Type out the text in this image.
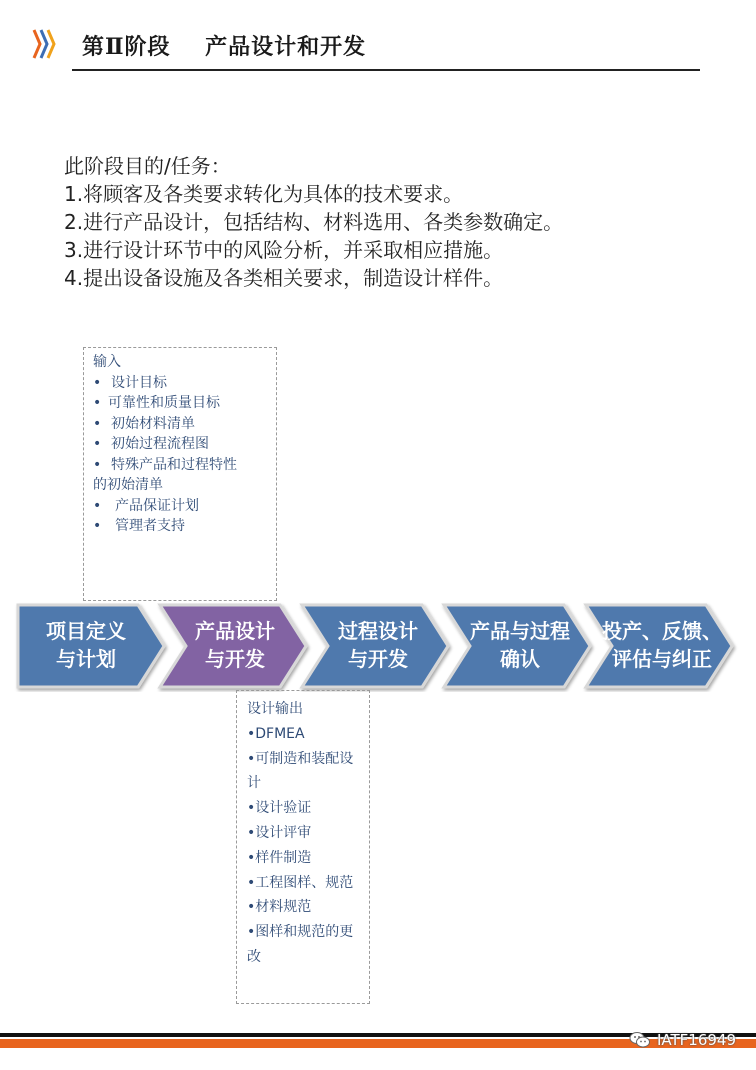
第Ⅱ阶段    产品设计和开发
此阶段目的/任务：
1.将顾客及各类要求转化为具体的技术要求。
2.进行产品设计，包括结构、材料选用、各类参数确定。
3.进行设计环节中的风险分析，并采取相应措施。
4.提出设备设施及各类相关要求，制造设计样件。
输入
• 设计目标
• 可靠性和质量目标
• 初始材料清单
• 初始过程流程图
• 特殊产品和过程特性
的初始清单
• 产品保证计划
• 管理者支持
项目定义
与计划
产品设计
与开发
过程设计
与开发
产品与过程
确认
投产、反馈、
评估与纠正
设计输出
•DFMEA
•可制造和装配设计
•设计验证
•设计评审
•样件制造
•工程图样、规范
•材料规范
•图样和规范的更改
IATF16949
